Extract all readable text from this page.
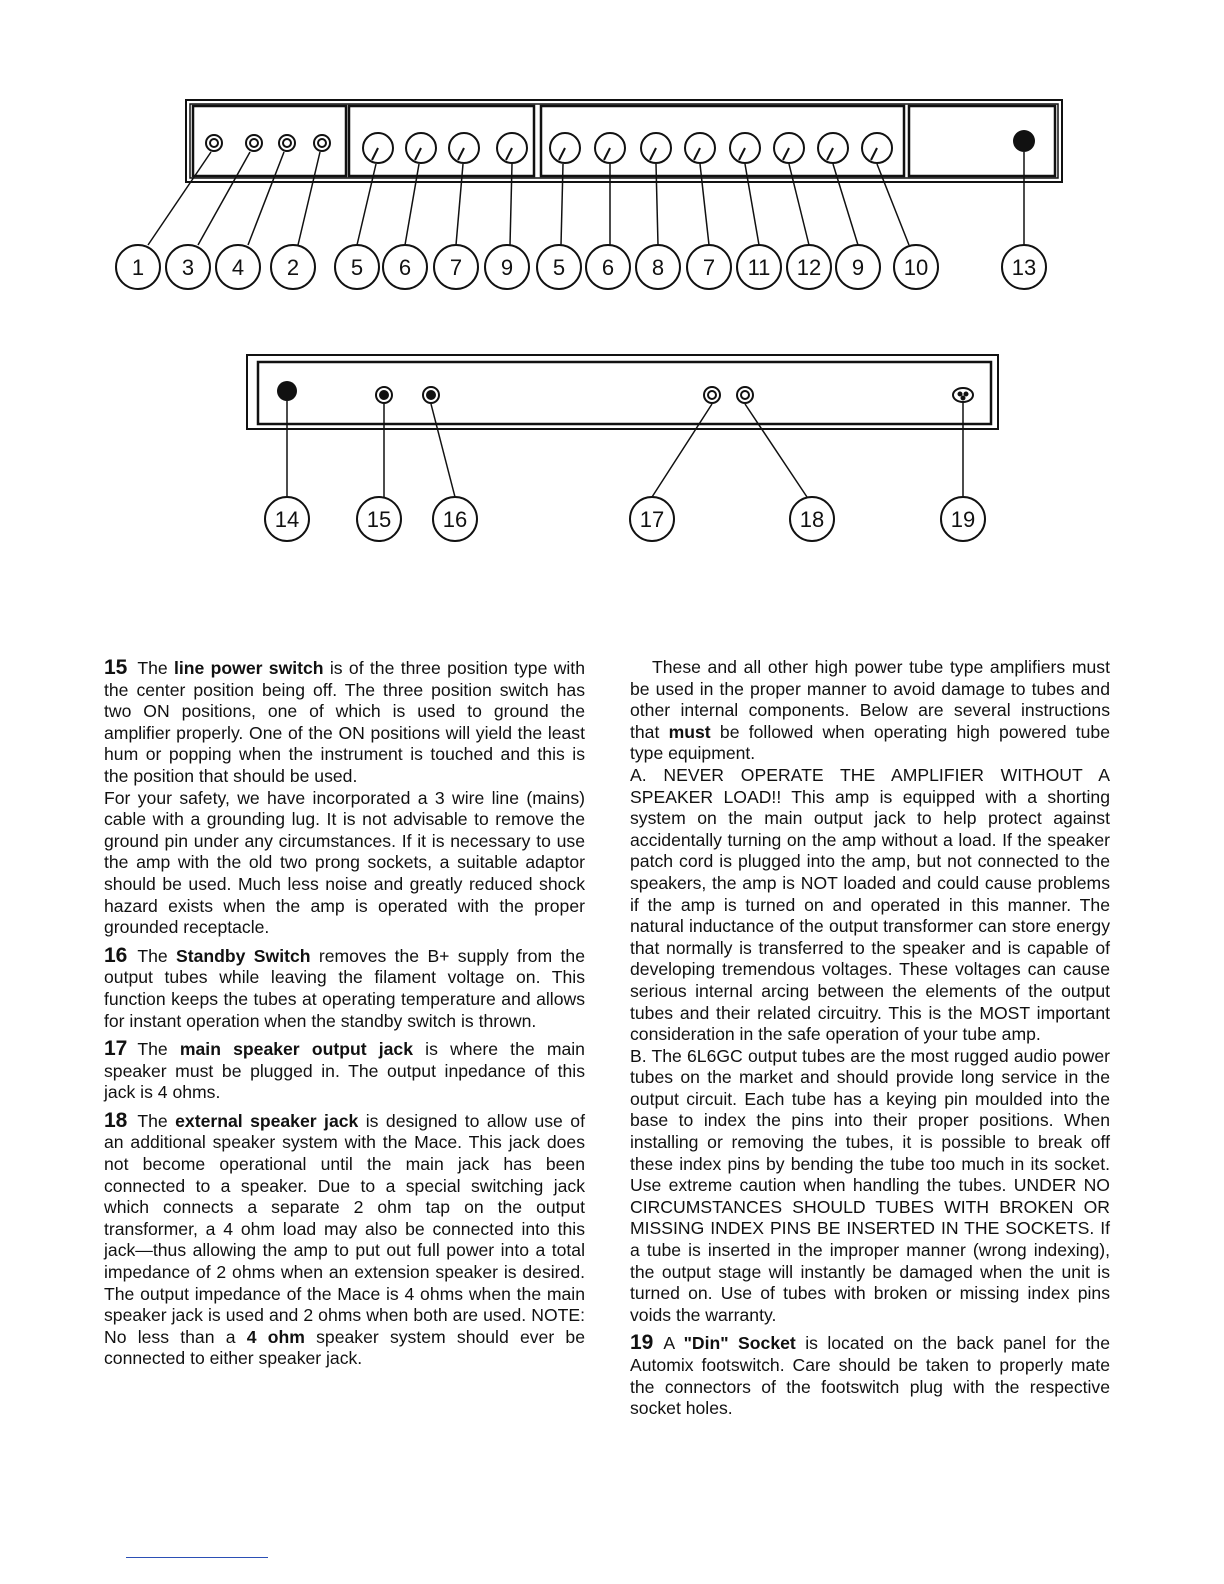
1 3 4 2 5 6 7 9 5 6 8 7 11 12 9 10	13
14	15 16	17	18	19

15 The line power switch is of the three position type with the center position being off. The three position switch has two ON positions, one of which is used to ground the amplifier properly. One of the ON positions will yield the least hum or popping when the instrument is touched and this is the position that should be used.

For your safety, we have incorporated a 3 wire line (mains) cable with a grounding lug. It is not advisable to remove the ground pin under any circumstances. If it is necessary to use the amp with the old two prong sockets, a suitable adaptor should be used. Much less noise and greatly reduced shock hazard exists when the amp is operated with the proper grounded receptacle.

16 The Standby Switch removes the B+ supply from the output tubes while leaving the filament voltage on. This function keeps the tubes at operating temperature and allows for instant operation when the standby switch is thrown.

17 The main speaker output jack is where the main speaker must be plugged in. The output inpedance of this jack is 4 ohms.

18 The external speaker jack is designed to allow use of an additional speaker system with the Mace. This jack does not become operational until the main jack has been connected to a speaker. Due to a special switching jack which connects a separate 2 ohm tap on the output transformer, a 4 ohm load may also be connected into this jack—thus allowing the amp to put out full power into a total impedance of 2 ohms when an extension speaker is desired. The output impedance of the Mace is 4 ohms when the main speaker jack is used and 2 ohms when both are used. NOTE: No less than a 4 ohm speaker system should ever be connected to either speaker jack.

These and all other high power tube type amplifiers must be used in the proper manner to avoid damage to tubes and other internal components. Below are several instructions that must be followed when operating high powered tube type equipment.

A. NEVER OPERATE THE AMPLIFIER WITHOUT A SPEAKER LOAD!! This amp is equipped with a shorting system on the main output jack to help protect against accidentally turning on the amp without a load. If the speaker patch cord is plugged into the amp, but not connected to the speakers, the amp is NOT loaded and could cause problems if the amp is turned on and operated in this manner. The natural inductance of the output transformer can store energy that normally is transferred to the speaker and is capable of developing tremendous voltages. These voltages can cause serious internal arcing between the elements of the output tubes and their related circuitry. This is the MOST important consideration in the safe operation of your tube amp.

B. The 6L6GC output tubes are the most rugged audio power tubes on the market and should provide long service in the output circuit. Each tube has a keying pin moulded into the base to index the pins into their proper positions. When installing or removing the tubes, it is possible to break off these index pins by bending the tube too much in its socket. Use extreme caution when handling the tubes. UNDER NO CIRCUMSTANCES SHOULD TUBES WITH BROKEN OR MISSING INDEX PINS BE INSERTED IN THE SOCKETS. If a tube is inserted in the improper manner (wrong indexing), the output stage will instantly be damaged when the unit is turned on. Use of tubes with broken or missing index pins voids the warranty.

19 A "Din" Socket is located on the back panel for the Automix footswitch. Care should be taken to properly mate the connectors of the footswitch plug with the respective socket holes.
